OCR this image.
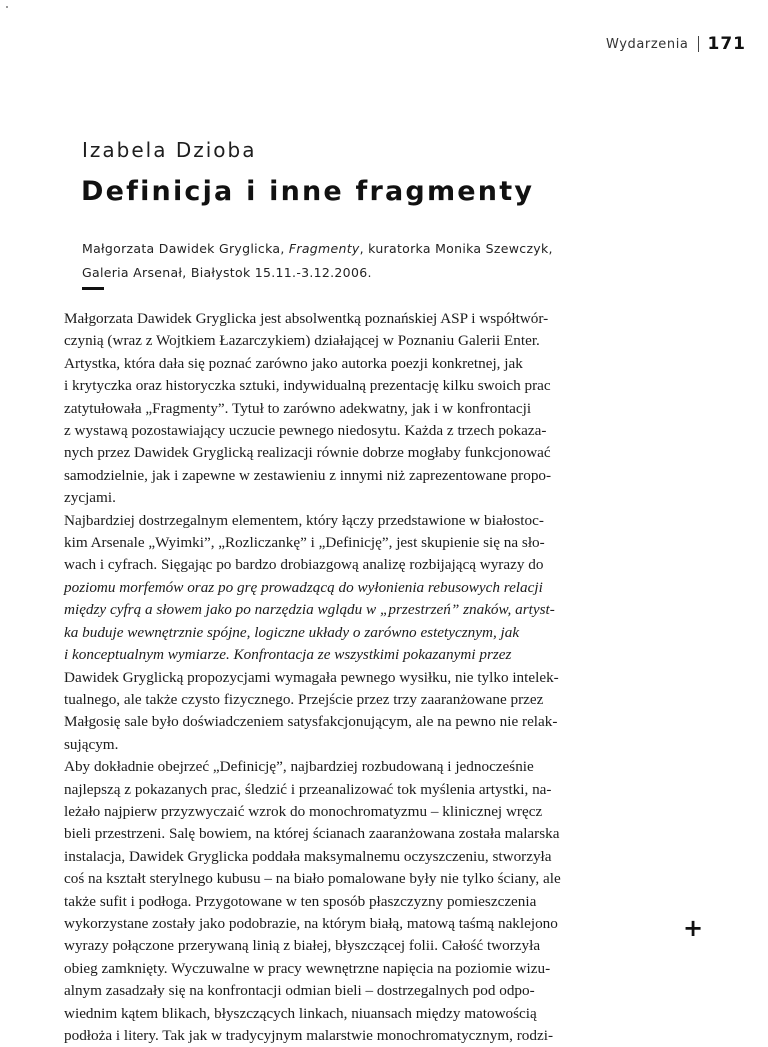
Wydarzenia 171
Izabela Dzioba
Definicja i inne fragmenty
Małgorzata Dawidek Gryglicka, Fragmenty, kuratorka Monika Szewczyk,
Galeria Arsenał, Białystok 15.11.-3.12.2006.
Małgorzata Dawidek Gryglicka jest absolwentką poznańskiej ASP i współtwór-
czynią (wraz z Wojtkiem Łazarczykiem) działającej w Poznaniu Galerii Enter.
Artystka, która dała się poznać zarówno jako autorka poezji konkretnej, jak
i krytyczka oraz historyczka sztuki, indywidualną prezentację kilku swoich prac
zatytułowała „Fragmenty”. Tytuł to zarówno adekwatny, jak i w konfrontacji
z wystawą pozostawiający uczucie pewnego niedosytu. Każda z trzech pokaza-
nych przez Dawidek Gryglicką realizacji równie dobrze mogłaby funkcjonować
samodzielnie, jak i zapewne w zestawieniu z innymi niż zaprezentowane propo-
zycjami.
Najbardziej dostrzegalnym elementem, który łączy przedstawione w białostoc-
kim Arsenale „Wyimki”, „Rozliczankę” i „Definicję”, jest skupienie się na sło-
wach i cyfrach. Sięgając po bardzo drobiazgową analizę rozbijającą wyrazy do
poziomu morfemów oraz po grę prowadzącą do wyłonienia rebusowych relacji
między cyfrą a słowem jako po narzędzia wglądu w „przestrzeń” znaków, artyst-
ka buduje wewnętrznie spójne, logiczne układy o zarówno estetycznym, jak
i konceptualnym wymiarze. Konfrontacja ze wszystkimi pokazanymi przez
Dawidek Gryglicką propozycjami wymagała pewnego wysiłku, nie tylko intelek-
tualnego, ale także czysto fizycznego. Przejście przez trzy zaaranżowane przez
Małgosię sale było doświadczeniem satysfakcjonującym, ale na pewno nie relak-
sującym.
Aby dokładnie obejrzeć „Definicję”, najbardziej rozbudowaną i jednocześnie
najlepszą z pokazanych prac, śledzić i przeanalizować tok myślenia artystki, na-
leżało najpierw przyzwyczaić wzrok do monochromatyzmu – klinicznej wręcz
bieli przestrzeni. Salę bowiem, na której ścianach zaaranżowana została malarska
instalacja, Dawidek Gryglicka poddała maksymalnemu oczyszczeniu, stworzyła
coś na kształt sterylnego kubusu – na biało pomalowane były nie tylko ściany, ale
także sufit i podłoga. Przygotowane w ten sposób płaszczyzny pomieszczenia
wykorzystane zostały jako podobrazie, na którym białą, matową taśmą naklejono
wyrazy połączone przerywaną linią z białej, błyszczącej folii. Całość tworzyła
obieg zamknięty. Wyczuwalne w pracy wewnętrzne napięcia na poziomie wizu-
alnym zasadzały się na konfrontacji odmian bieli – dostrzegalnych pod odpo-
wiednim kątem blikach, błyszczących linkach, niuansach między matowością
podłoża i litery. Tak jak w tradycyjnym malarstwie monochromatycznym, rodzi-
+
